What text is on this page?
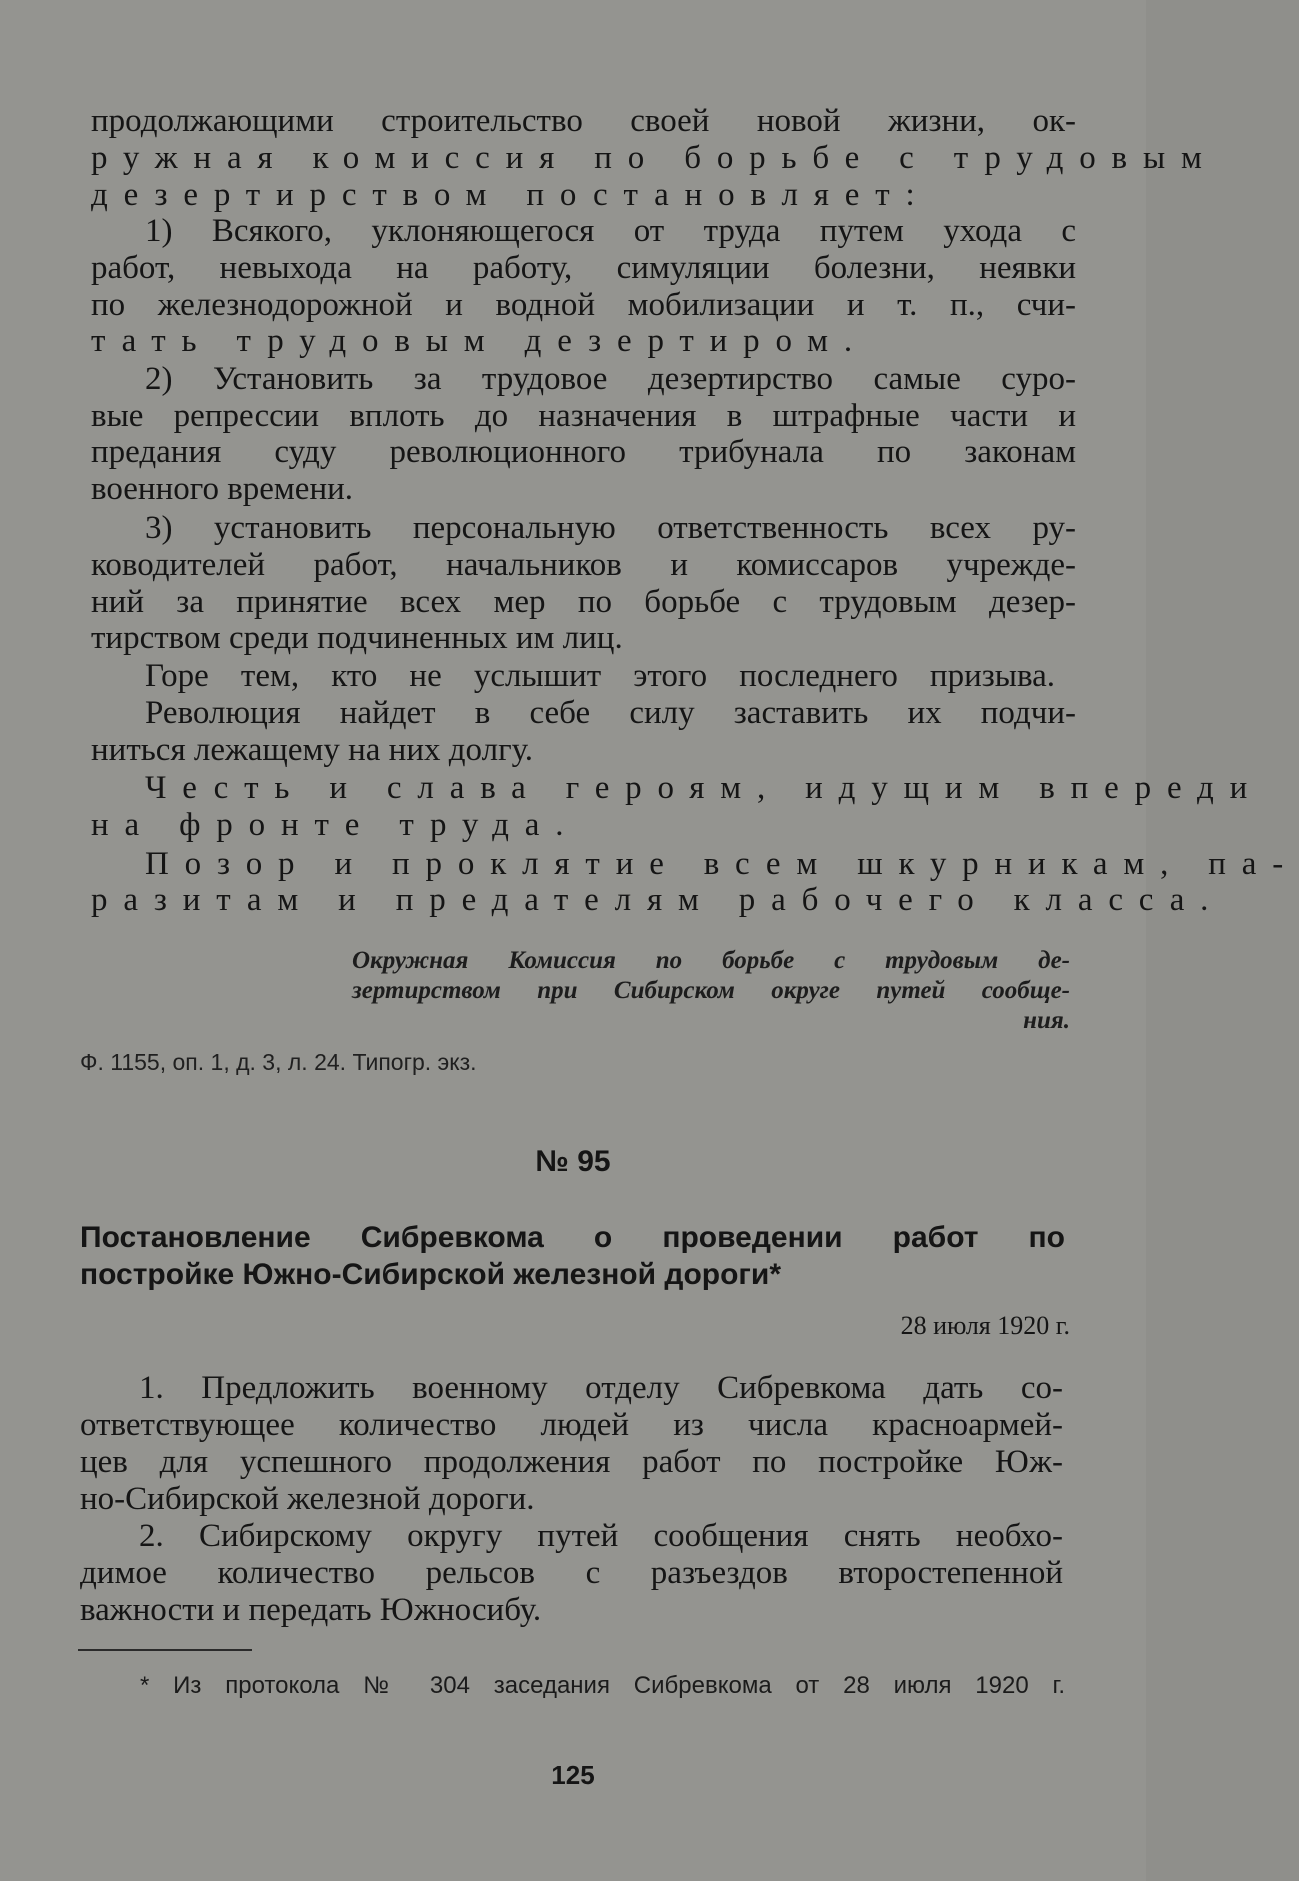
продолжающими строительство своей новой жизни, ок-

ружная комиссия по борьбе с трудовым

дезертирством постановляет:

1) Всякого, уклоняющегося от труда путем ухода с

работ, невыхода на работу, симуляции болезни, неявки

по железнодорожной и водной мобилизации и т. п., счи-

тать трудовым дезертиром.

2) Установить за трудовое дезертирство самые суро-

вые репрессии вплоть до назначения в штрафные части и

предания суду революционного трибунала по законам

военного времени.

3) установить персональную ответственность всех ру-

ководителей работ, начальников и комиссаров учрежде-

ний за принятие всех мер по борьбе с трудовым дезер-

тирством среди подчиненных им лиц.

Горе тем, кто не услышит этого последнего призыва.

Революция найдет в себе силу заставить их подчи-

ниться лежащему на них долгу.

Честь и слава героям, идущим впереди

на фронте труда.

Позор и проклятие всем шкурникам, па-

разитам и предателям рабочего класса.

Окружная Комиссия по борьбе с трудовым де-

зертирством при Сибирском округе путей сообще-

ния.

Ф. 1155, оп. 1, д. 3, л. 24. Типогр. экз.

№ 95

Постановление Сибревкома о проведении работ по

постройке Южно-Сибирской железной дороги*

28 июля 1920 г.

1. Предложить военному отделу Сибревкома дать со-

ответствующее количество людей из числа красноармей-

цев для успешного продолжения работ по постройке Юж-

но-Сибирской железной дороги.

2. Сибирскому округу путей сообщения снять необхо-

димое количество рельсов с разъездов второстепенной

важности и передать Южносибу.

* Из протокола № 304 заседания Сибревкома от 28 июля 1920 г.

125
